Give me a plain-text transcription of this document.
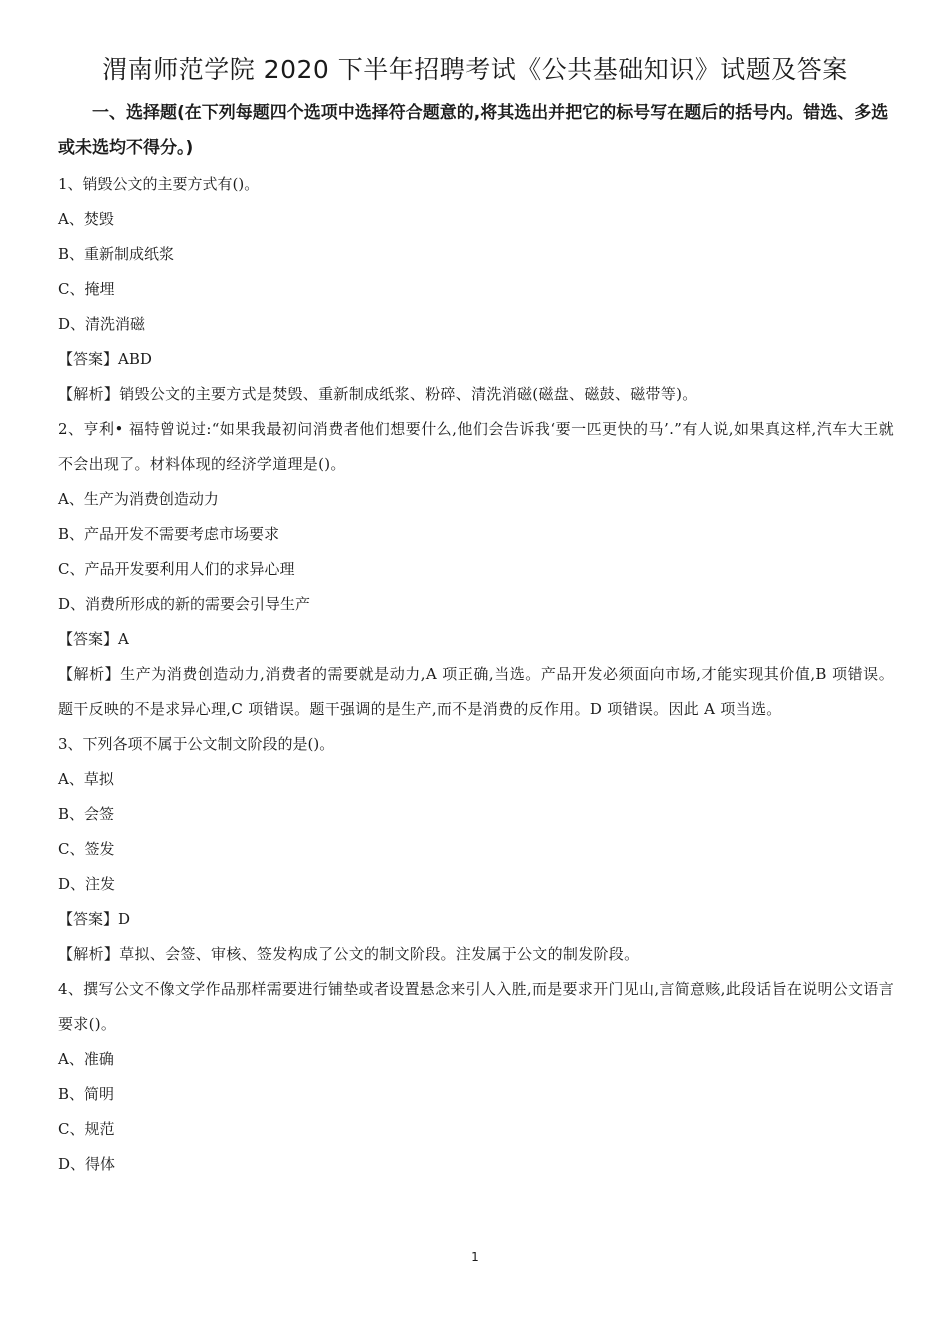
渭南师范学院 2020 下半年招聘考试《公共基础知识》试题及答案

一、选择题(在下列每题四个选项中选择符合题意的,将其选出并把它的标号写在题后的括号内。错选、多选或未选均不得分。)

1、销毁公文的主要方式有()。

A、焚毁

B、重新制成纸浆

C、掩埋

D、清洗消磁

【答案】ABD

【解析】销毁公文的主要方式是焚毁、重新制成纸浆、粉碎、清洗消磁(磁盘、磁鼓、磁带等)。

2、亨利• 福特曾说过:“如果我最初问消费者他们想要什么,他们会告诉我‘要一匹更快的马’.”有人说,如果真这样,汽车大王就不会出现了。材料体现的经济学道理是()。

A、生产为消费创造动力

B、产品开发不需要考虑市场要求

C、产品开发要利用人们的求异心理

D、消费所形成的新的需要会引导生产

【答案】A

【解析】生产为消费创造动力,消费者的需要就是动力,A 项正确,当选。产品开发必须面向市场,才能实现其价值,B 项错误。题干反映的不是求异心理,C 项错误。题干强调的是生产,而不是消费的反作用。D 项错误。因此 A 项当选。

3、下列各项不属于公文制文阶段的是()。

A、草拟

B、会签

C、签发

D、注发

【答案】D

【解析】草拟、会签、审核、签发构成了公文的制文阶段。注发属于公文的制发阶段。

4、撰写公文不像文学作品那样需要进行铺垫或者设置悬念来引人入胜,而是要求开门见山,言简意赅,此段话旨在说明公文语言要求()。

A、准确

B、简明

C、规范

D、得体

1
